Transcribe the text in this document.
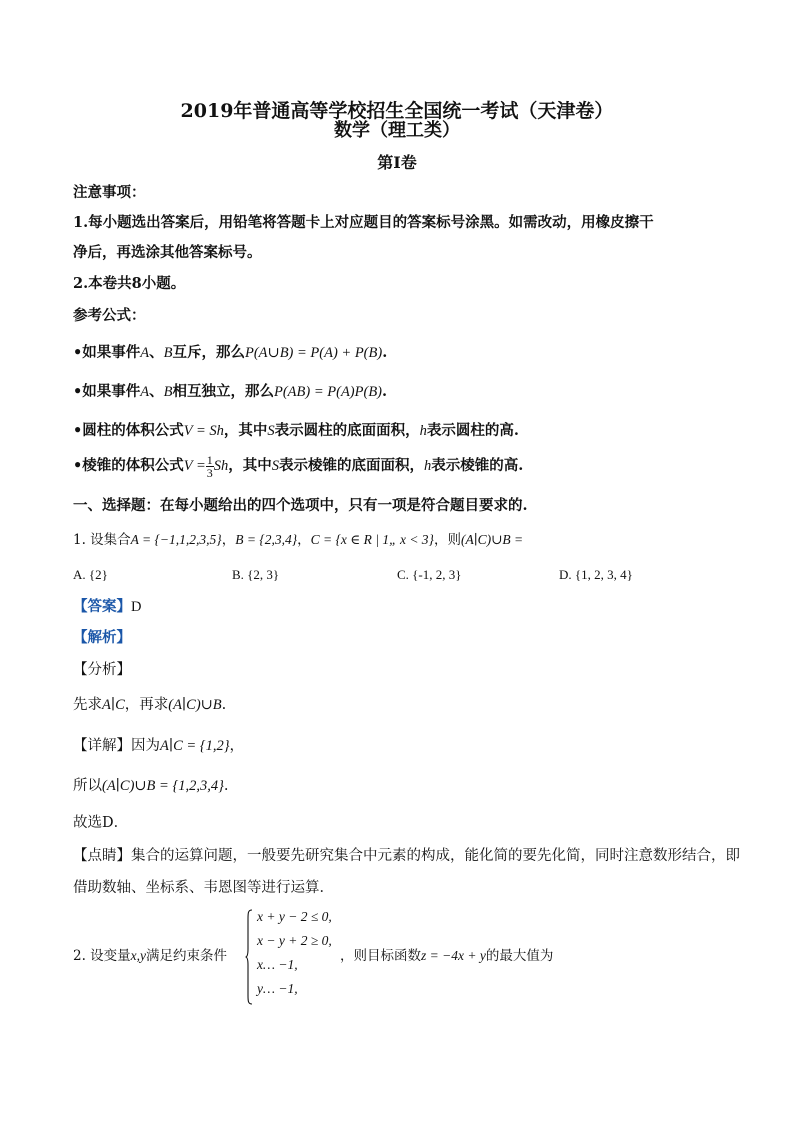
2019年普通高等学校招生全国统一考试（天津卷）
数学（理工类）
第I卷
注意事项：
1.每小题选出答案后，用铅笔将答题卡上对应题目的答案标号涂黑。如需改动，用橡皮擦干
净后，再选涂其他答案标号。
2.本卷共8小题。
参考公式：
•如果事件A、B互斥，那么P(A∪B) = P(A) + P(B).
•如果事件A、B相互独立，那么P(AB) = P(A)P(B).
•圆柱的体积公式V = Sh，其中S表示圆柱的底面面积，h表示圆柱的高.
•棱锥的体积公式$V = \frac{1}{3}$ Sh，其中S表示棱锥的底面面积，h表示棱锥的高.
一、选择题：在每小题给出的四个选项中，只有一项是符合题目要求的.
1. 设集合A = {−1,1,2,3,5}，B = {2,3,4}，C = {x ∈ R | 1„ x < 3}，则(A∣C)∪B =
A. {2}	B. {2, 3}	C. {-1, 2, 3}	D. {1, 2, 3, 4}
【答案】D
【解析】
【分析】
先求A∣C，再求(A∣C)∪B.
【详解】因为A∣C = {1,2}，
所以(A∣C)∪B = {1,2,3,4}.
故选D．
【点睛】集合的运算问题，一般要先研究集合中元素的构成，能化简的要先化简，同时注意数形结合，即
借助数轴、坐标系、韦恩图等进行运算．
2. 设变量x,y满足约束条件
x + y − 2 ≤ 0,
x − y + 2 ≥ 0,
x… −1,
y… −1,
，则目标函数z = −4x + y的最大值为
